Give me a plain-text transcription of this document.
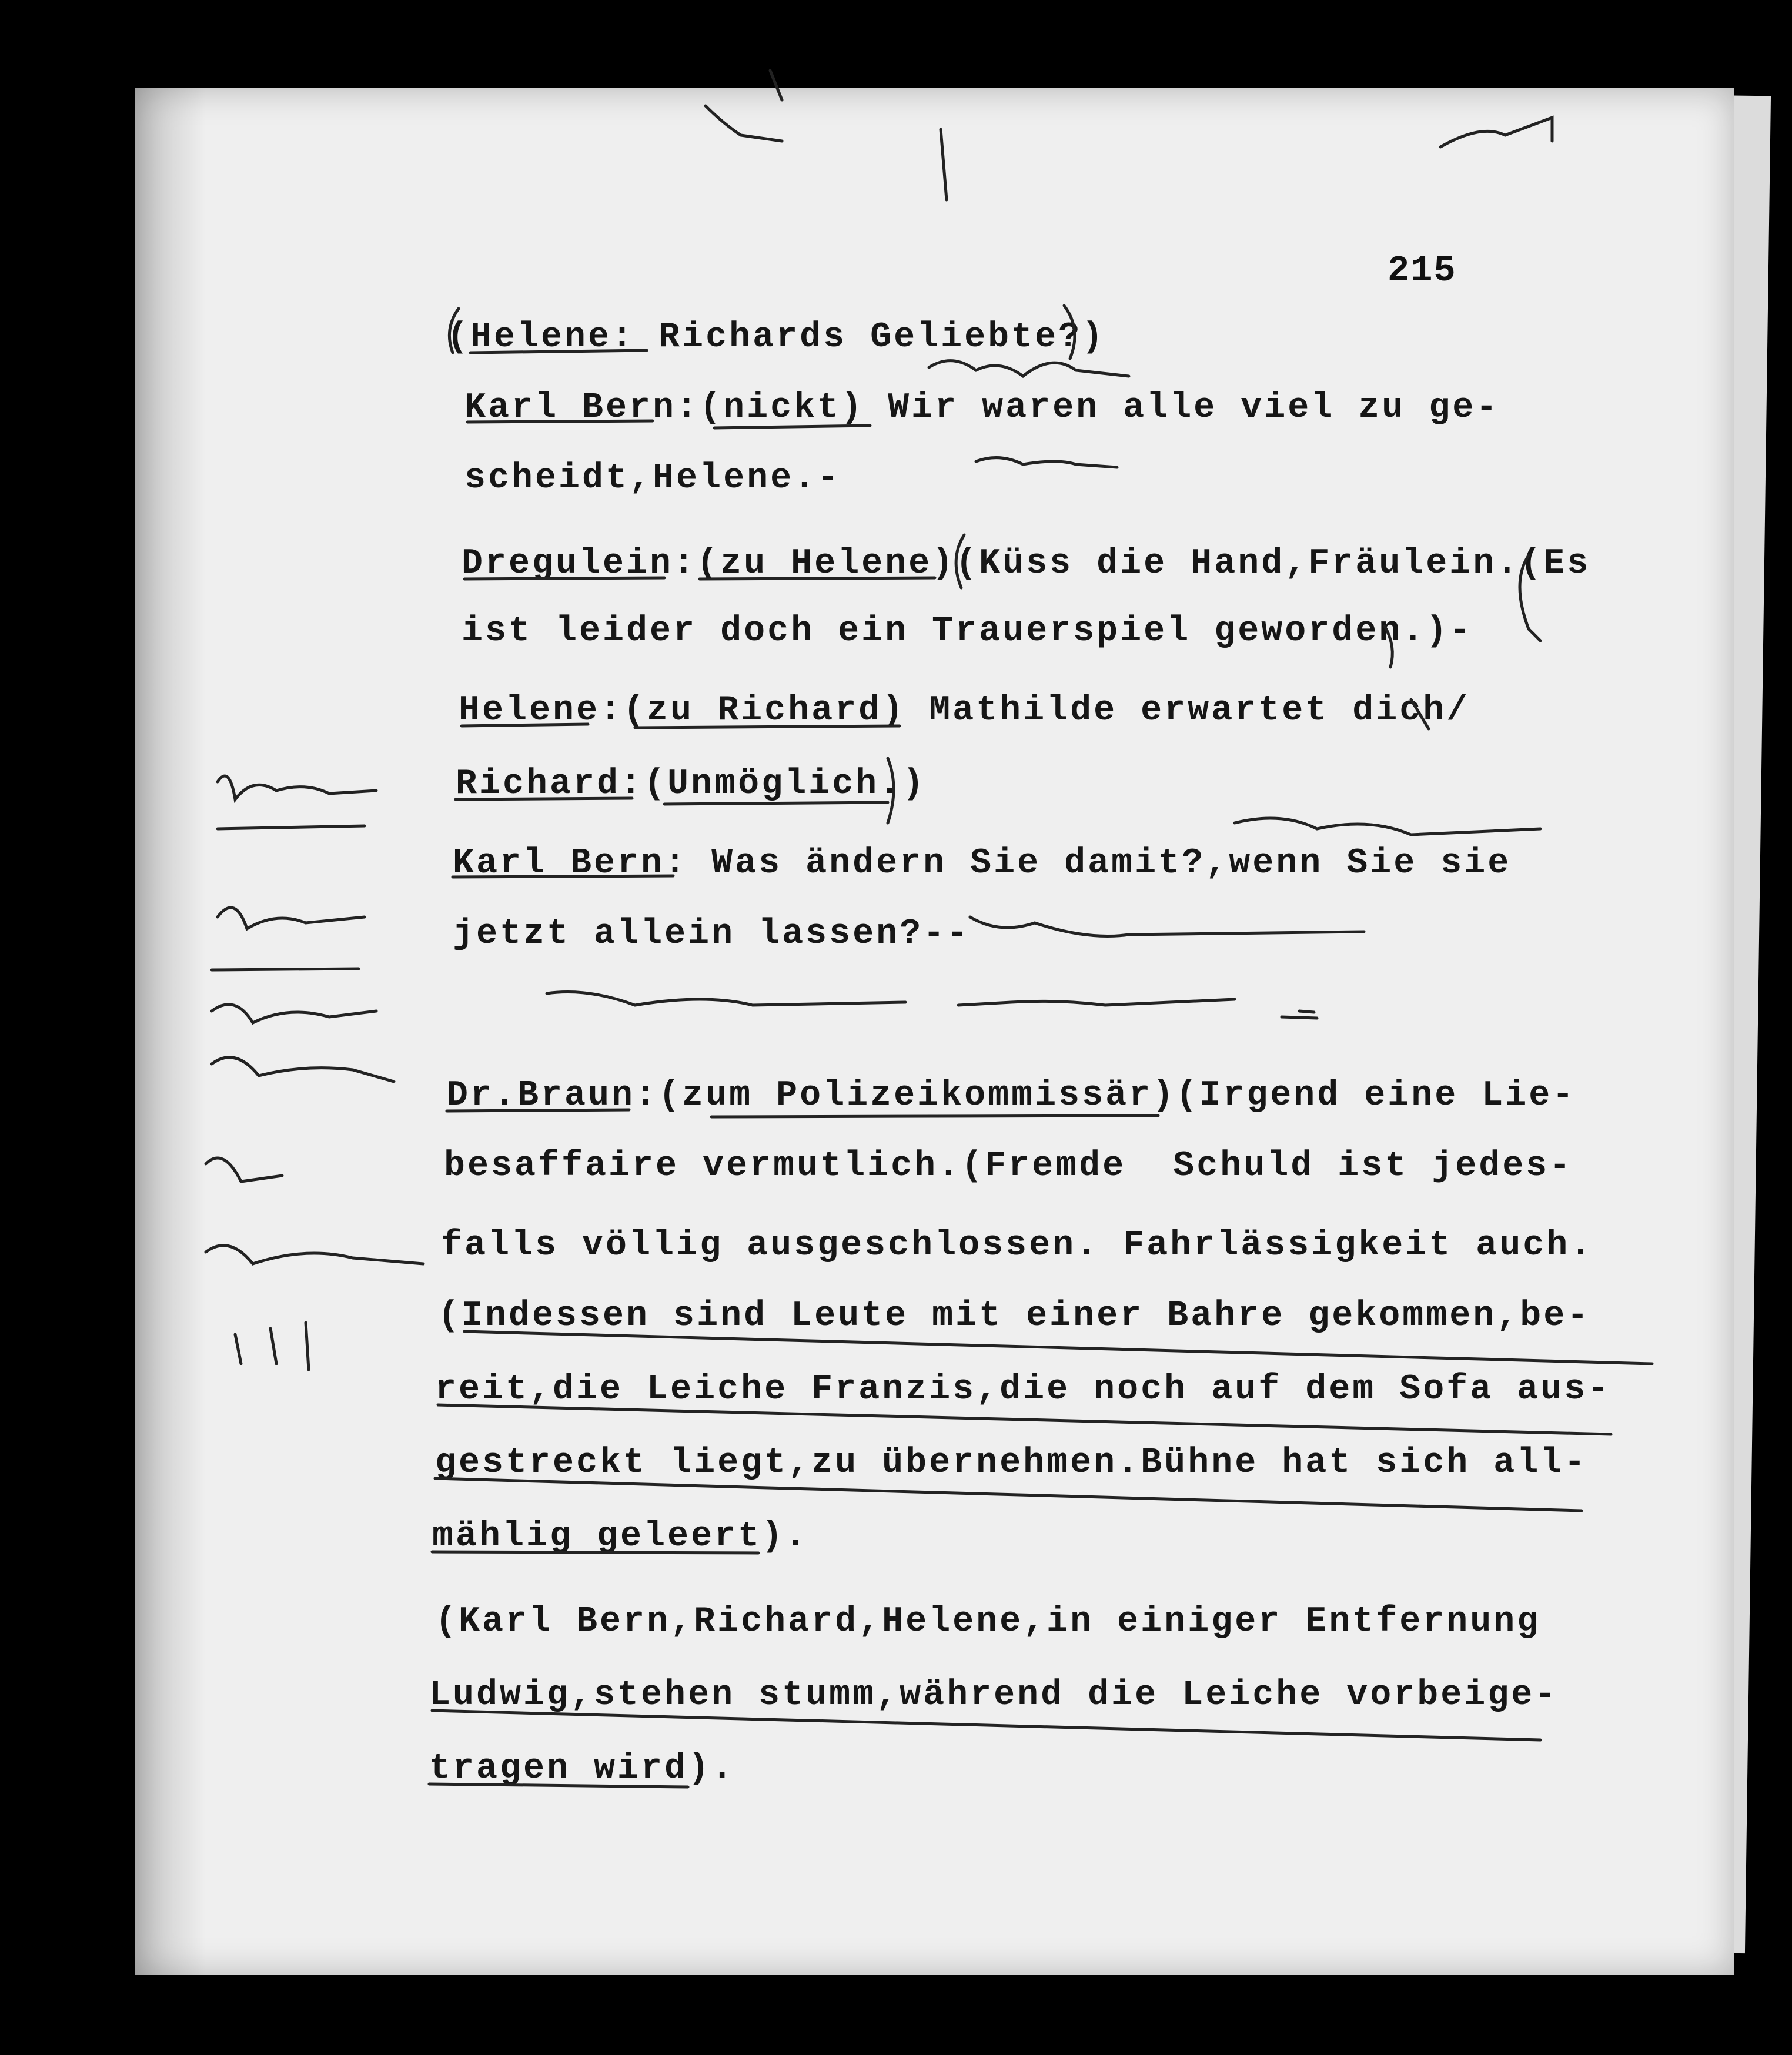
215
(Helene: Richards Geliebte?)
Karl Bern:(nickt) Wir waren alle viel zu ge-
scheidt,Helene.-
Dregulein:(zu Helene)(Küss die Hand,Fräulein.(Es
ist leider doch ein Trauerspiel geworden.)-
Helene:(zu Richard) Mathilde erwartet dich/
Richard:(Unmöglich.)
Karl Bern: Was ändern Sie damit?,wenn Sie sie
jetzt allein lassen?--
Dr.Braun:(zum Polizeikommissär)(Irgend eine Lie-
besaffaire vermutlich.(Fremde  Schuld ist jedes-
falls völlig ausgeschlossen. Fahrlässigkeit auch.
(Indessen sind Leute mit einer Bahre gekommen,be-
reit,die Leiche Franzis,die noch auf dem Sofa aus-
gestreckt liegt,zu übernehmen.Bühne hat sich all-
mählig geleert).
(Karl Bern,Richard,Helene,in einiger Entfernung
Ludwig,stehen stumm,während die Leiche vorbeige-
tragen wird).
